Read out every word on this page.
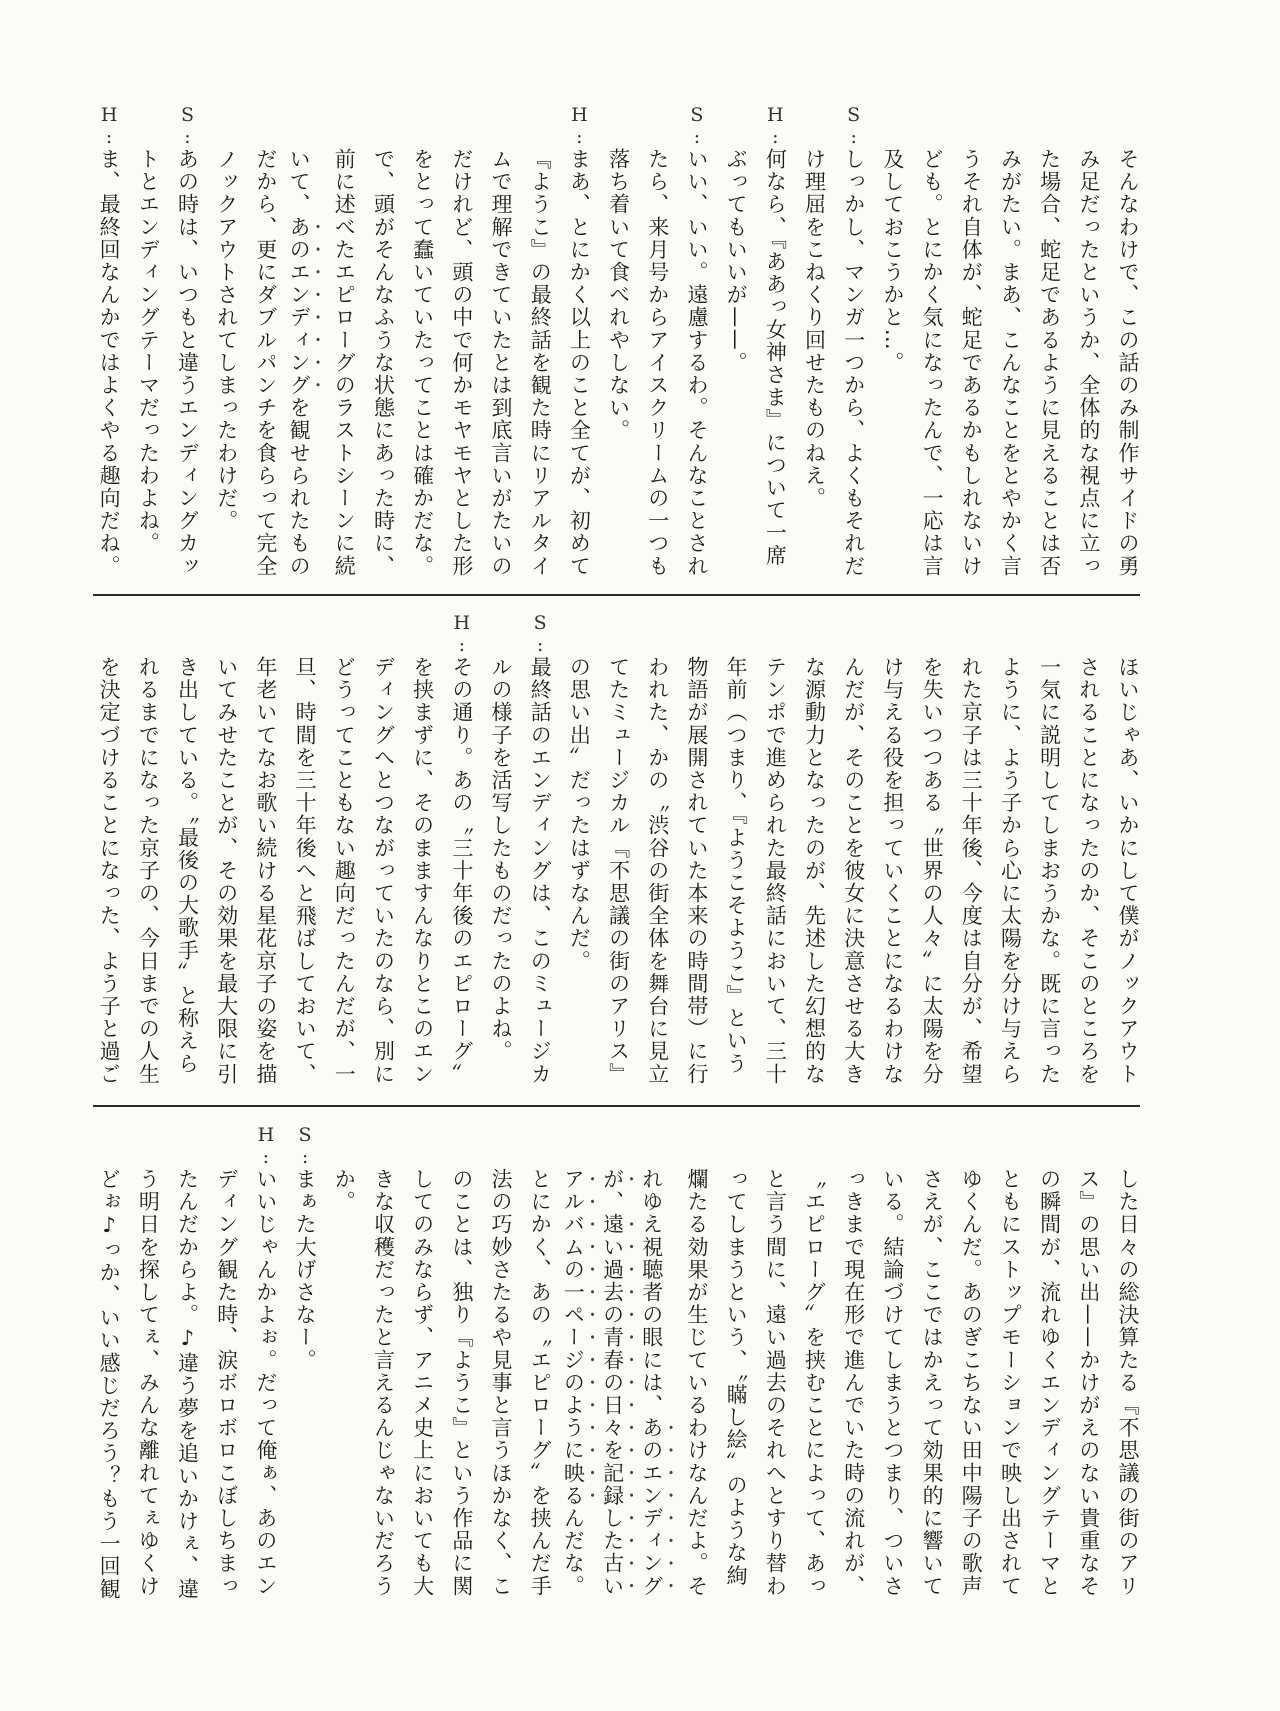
そんなわけで、この話のみ制作サイドの勇
み足だったというか、全体的な視点に立っ
た場合、蛇足であるように見えることは否
みがたい。まあ、こんなことをとやかく言
うそれ自体が、蛇足であるかもしれないけ
ども。とにかく気になったんで、一応は言
及しておこうかと…。
S:
しっかし、マンガ一つから、よくもそれだ
け理屈をこねくり回せたものねえ。
H:
何なら、『ああっ女神さま』について一席
ぶってもいいが——。
S:
いい、いい。遠慮するわ。そんなことされ
たら、来月号からアイスクリームの一つも
落ち着いて食べれやしない。
H:
まあ、とにかく以上のこと全てが、初めて
『ようこ』の最終話を観た時にリアルタイ
ムで理解できていたとは到底言いがたいの
だけれど、頭の中で何かモヤモヤとした形
をとって蠢いていたってことは確かだな。
で、頭がそんなふうな状態にあった時に、
前に述べたエピローグのラストシーンに続
いて、あのエンディングを観せられたもの
だから、更にダブルパンチを食らって完全
ノックアウトされてしまったわけだ。
S:
あの時は、いつもと違うエンディングカッ
トとエンディングテーマだったわよね。
H:
ま、最終回なんかではよくやる趣向だね。
ほいじゃあ、いかにして僕がノックアウト
されることになったのか、そこのところを
一気に説明してしまおうかな。既に言った
ように、よう子から心に太陽を分け与えら
れた京子は三十年後、今度は自分が、希望
を失いつつある〝世界の人々〟に太陽を分
け与える役を担っていくことになるわけな
んだが、そのことを彼女に決意させる大き
な源動力となったのが、先述した幻想的な
テンポで進められた最終話において、三十
年前（つまり、『ようこそようこ』という
物語が展開されていた本来の時間帯）に行
われた、かの〝渋谷の街全体を舞台に見立
てたミュージカル『不思議の街のアリス』
の思い出〟だったはずなんだ。
S:
最終話のエンディングは、このミュージカ
ルの様子を活写したものだったのよね。
H:
その通り。あの〝三十年後のエピローグ〟
を挟まずに、そのまますんなりとこのエン
ディングへとつながっていたのなら、別に
どうってこともない趣向だったんだが、一
旦、時間を三十年後へと飛ばしておいて、
年老いてなお歌い続ける星花京子の姿を描
いてみせたことが、その効果を最大限に引
き出している。〝最後の大歌手〟と称えら
れるまでになった京子の、今日までの人生
を決定づけることになった、よう子と過ご
した日々の総決算たる『不思議の街のアリ
ス』の思い出——かけがえのない貴重なそ
の瞬間が、流れゆくエンディングテーマと
ともにストップモーションで映し出されて
ゆくんだ。あのぎこちない田中陽子の歌声
さえが、ここではかえって効果的に響いて
いる。結論づけてしまうとつまり、ついさ
っきまで現在形で進んでいた時の流れが、
〝エピローグ〟を挟むことによって、あっ
と言う間に、遠い過去のそれへとすり替わ
ってしまうという、〝瞞し絵〟のような絢
爛たる効果が生じているわけなんだよ。そ
れゆえ視聴者の眼には、あのエンディング
が、遠い過去の青春の日々を記録した古い
アルバムの一ページのように映るんだな。
とにかく、あの〝エピローグ〟を挟んだ手
法の巧妙さたるや見事と言うほかなく、こ
のことは、独り『ようこ』という作品に関
してのみならず、アニメ史上においても大
きな収穫だったと言えるんじゃないだろう
か。
S:
まぁた大げさなー。
H:
いいじゃんかよぉ。だって俺ぁ、あのエン
ディング観た時、涙ボロボロこぼしちまっ
たんだからよ。♪違う夢を追いかけぇ、違
う明日を探してぇ、みんな離れてぇゆくけ
どぉ♪っか、いい感じだろう？もう一回観
